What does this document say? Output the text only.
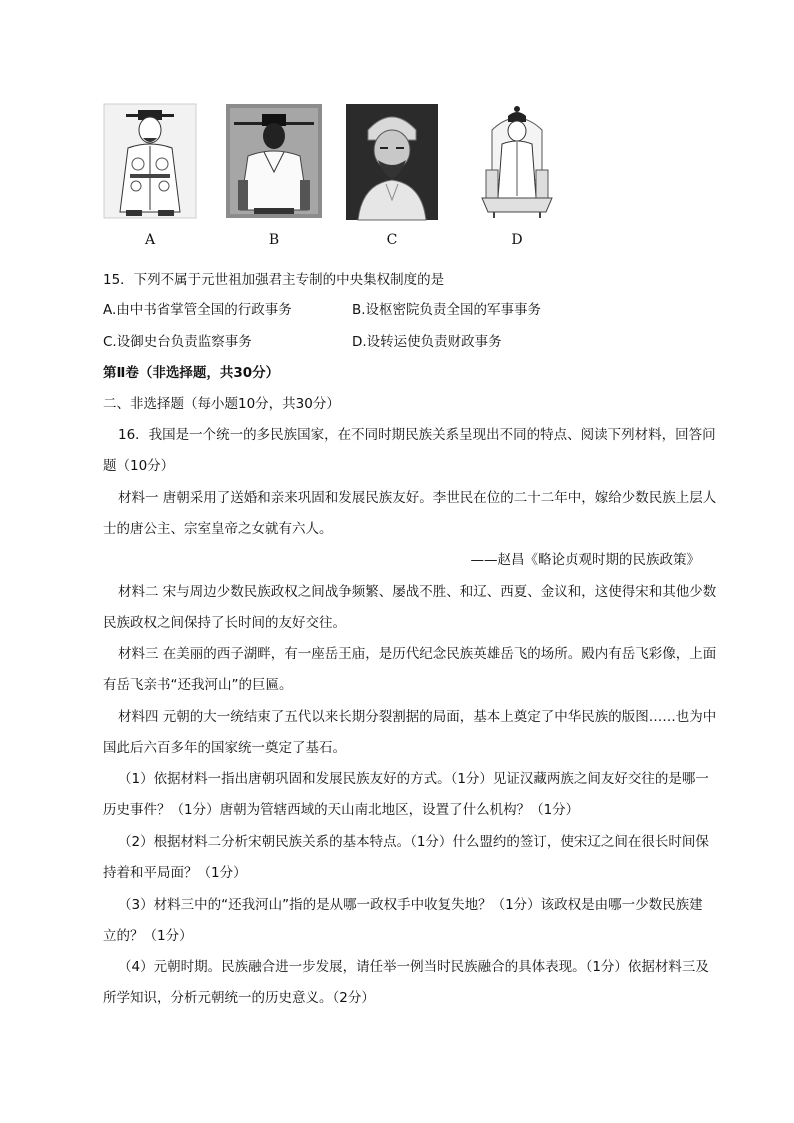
A	B	C	D
15．下列不属于元世祖加强君主专制的中央集权制度的是
A.由中书省掌管全国的行政事务	B.设枢密院负责全国的军事事务
C.设御史台负责监察事务	D.设转运使负责财政事务
第Ⅱ卷（非选择题，共30分）
二、非选择题（每小题10分，共30分）
16．我国是一个统一的多民族国家，在不同时期民族关系呈现出不同的特点、阅读下列材料，回答问
题（10分）
材料一 唐朝采用了送婚和亲来巩固和发展民族友好。李世民在位的二十二年中，嫁给少数民族上层人
士的唐公主、宗室皇帝之女就有六人。
——赵昌《略论贞观时期的民族政策》
材料二 宋与周边少数民族政权之间战争频繁、屡战不胜、和辽、西夏、金议和，这使得宋和其他少数
民族政权之间保持了长时间的友好交往。
材料三 在美丽的西子湖畔，有一座岳王庙，是历代纪念民族英雄岳飞的场所。殿内有岳飞彩像，上面
有岳飞亲书“还我河山”的巨匾。
材料四 元朝的大一统结束了五代以来长期分裂割据的局面，基本上奠定了中华民族的版图……也为中
国此后六百多年的国家统一奠定了基石。
（1）依据材料一指出唐朝巩固和发展民族友好的方式。（1分）见证汉藏两族之间友好交往的是哪一
历史事件？（1分）唐朝为管辖西域的天山南北地区，设置了什么机构？（1分）
（2）根据材料二分析宋朝民族关系的基本特点。（1分）什么盟约的签订，使宋辽之间在很长时间保
持着和平局面？（1分）
（3）材料三中的“还我河山”指的是从哪一政权手中收复失地？（1分）该政权是由哪一少数民族建
立的？（1分）
（4）元朝时期。民族融合进一步发展，请任举一例当时民族融合的具体表现。（1分）依据材料三及
所学知识，分析元朝统一的历史意义。（2分）
